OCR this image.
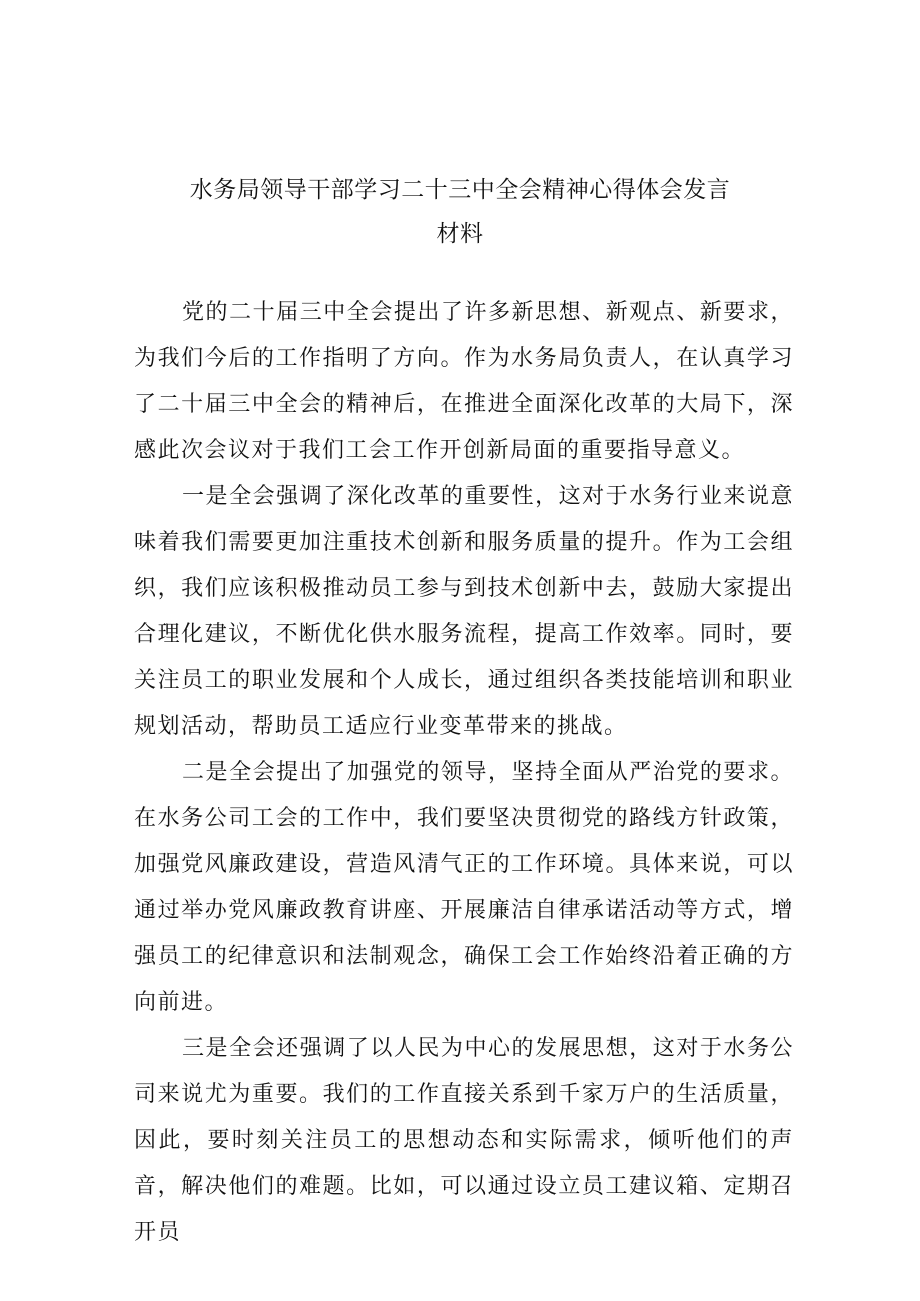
水务局领导干部学习二十三中全会精神心得体会发言
材料

党的二十届三中全会提出了许多新思想、新观点、新要求，为我们今后的工作指明了方向。作为水务局负责人，在认真学习了二十届三中全会的精神后，在推进全面深化改革的大局下，深感此次会议对于我们工会工作开创新局面的重要指导意义。

一是全会强调了深化改革的重要性，这对于水务行业来说意味着我们需要更加注重技术创新和服务质量的提升。作为工会组织，我们应该积极推动员工参与到技术创新中去，鼓励大家提出合理化建议，不断优化供水服务流程，提高工作效率。同时，要关注员工的职业发展和个人成长，通过组织各类技能培训和职业规划活动，帮助员工适应行业变革带来的挑战。

二是全会提出了加强党的领导，坚持全面从严治党的要求。在水务公司工会的工作中，我们要坚决贯彻党的路线方针政策，加强党风廉政建设，营造风清气正的工作环境。具体来说，可以通过举办党风廉政教育讲座、开展廉洁自律承诺活动等方式，增强员工的纪律意识和法制观念，确保工会工作始终沿着正确的方向前进。

三是全会还强调了以人民为中心的发展思想，这对于水务公司来说尤为重要。我们的工作直接关系到千家万户的生活质量，因此，要时刻关注员工的思想动态和实际需求，倾听他们的声音，解决他们的难题。比如，可以通过设立员工建议箱、定期召开员
